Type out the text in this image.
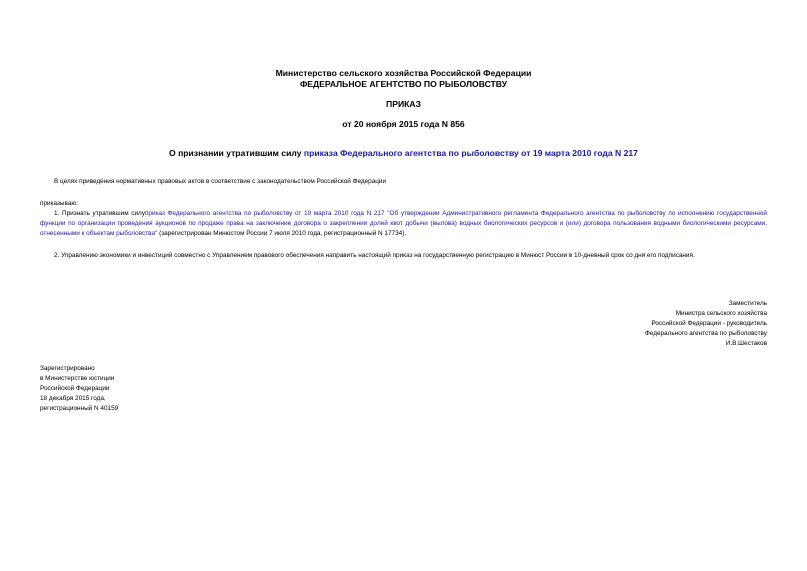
Министерство сельского хозяйства Российской Федерации

ФЕДЕРАЛЬНОЕ АГЕНТСТВО ПО РЫБОЛОВСТВУ

ПРИКАЗ

от 20 ноября 2015 года N 856

О признании утратившим силу приказа Федерального агентства по рыболовству от 19 марта 2010 года N 217

В целях приведения нормативных правовых актов в соответствие с законодательством Российской Федерации

приказываю:

1. Признать утратившим силуприказ Федерального агентства по рыболовству от 19 марта 2010 года N 217 "Об утверждении Административного регламента Федерального агентства по рыболовству по исполнению государственной функции по организации проведения аукционов по продаже права на заключение договора о закреплении долей квот добычи (вылова) водных биологических ресурсов и (или) договора пользования водными биологическими ресурсами, отнесенными к объектам рыболовства" (зарегистрирован Минюстом России 7 июля 2010 года, регистрационный N 17734).

2. Управлению экономики и инвестиций совместно с Управлением правового обеспечения направить настоящий приказ на государственную регистрацию в Минюст России в 10-дневный срок со дня его подписания.

Заместитель
Министра сельского хозяйства
Российской Федерации - руководитель
Федерального агентства по рыболовству
И.В.Шестаков
Зарегистрировано
в Министерстве юстиции
Российской Федерации
18 декабря 2015 года,
регистрационный N 40159
